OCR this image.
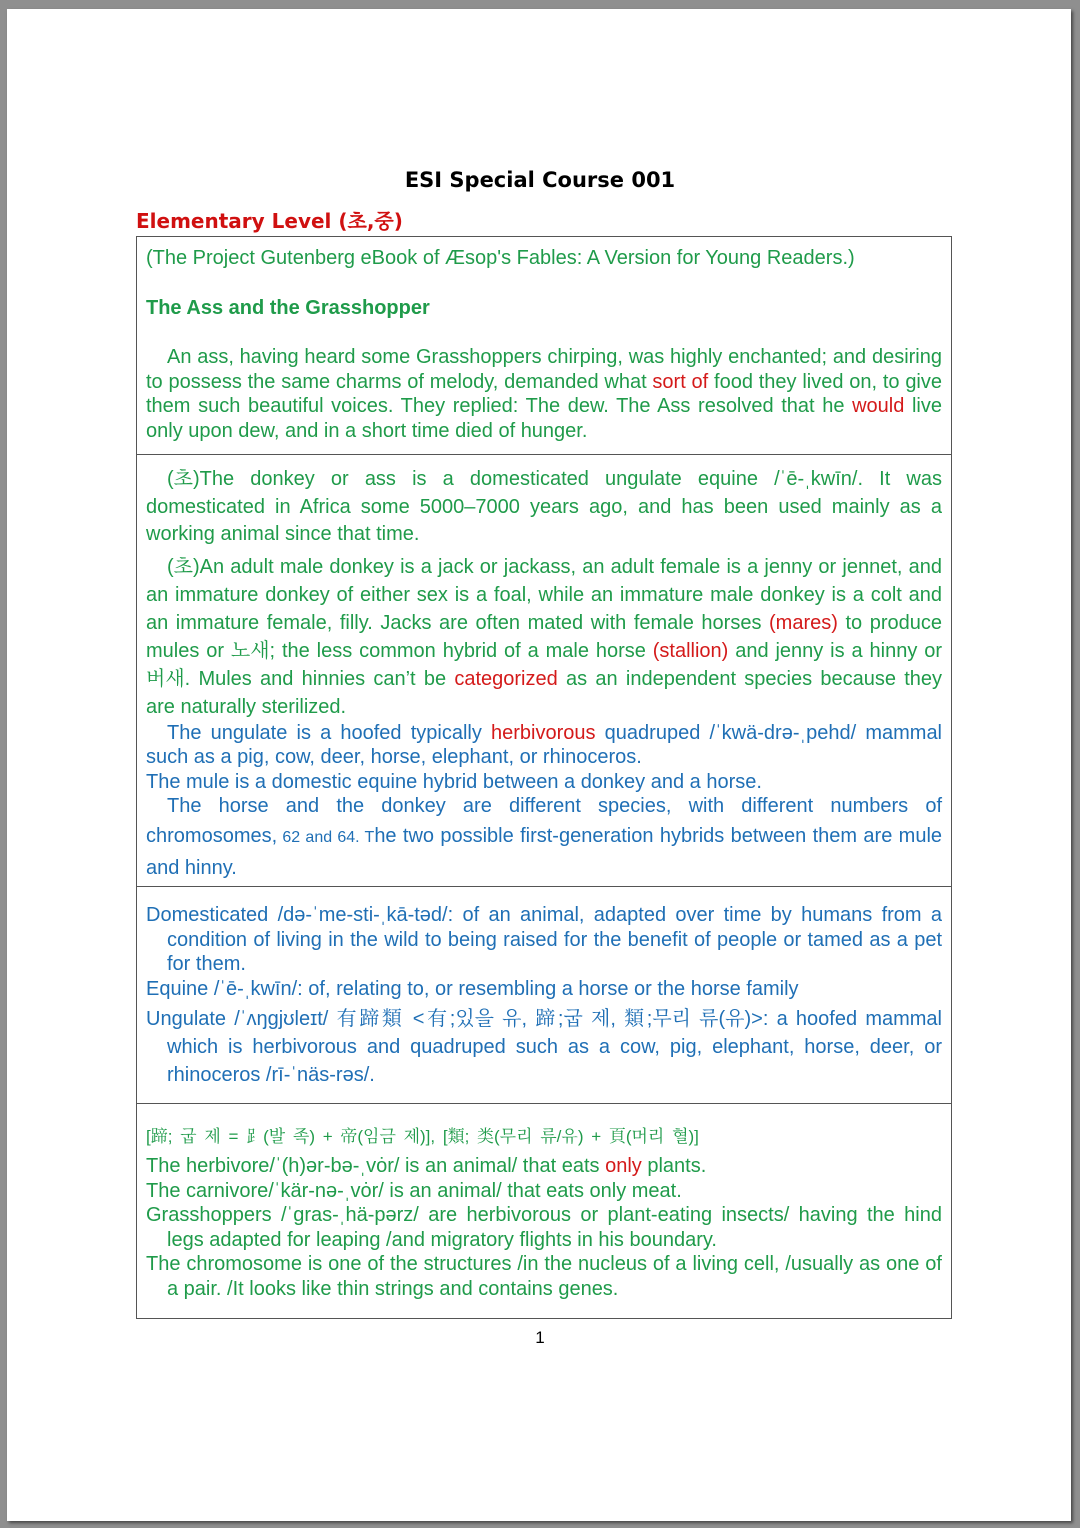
ESI Special Course 001
Elementary Level (초,중)

(The Project Gutenberg eBook of Æsop's Fables: A Version for Young Readers.)

The Ass and the Grasshopper

An ass, having heard some Grasshoppers chirping, was highly enchanted; and desiring to possess the same charms of melody, demanded what sort of food they lived on, to give them such beautiful voices. They replied: The dew. The Ass resolved that he would live only upon dew, and in a short time died of hunger.

(초)The donkey or ass is a domesticated ungulate equine /ˈē-ˌkwīn/. It was domesticated in Africa some 5000–7000 years ago, and has been used mainly as a working animal since that time.

(초)An adult male donkey is a jack or jackass, an adult female is a jenny or jennet, and an immature donkey of either sex is a foal, while an immature male donkey is a colt and an immature female, filly. Jacks are often mated with female horses (mares) to produce mules or 노새; the less common hybrid of a male horse (stallion) and jenny is a hinny or 버새. Mules and hinnies can’t be categorized as an independent species because they are naturally sterilized.

The ungulate is a hoofed typically herbivorous quadruped /ˈkwä-drə-ˌpehd/ mammal such as a pig, cow, deer, horse, elephant, or rhinoceros.

The mule is a domestic equine hybrid between a donkey and a horse.

The horse and the donkey are different species, with different numbers of chromosomes, 62 and 64. The two possible first-generation hybrids between them are mule and hinny.

Domesticated /də-ˈme-sti-ˌkā-təd/: of an animal, adapted over time by humans from a condition of living in the wild to being raised for the benefit of people or tamed as a pet for them.

Equine /ˈē-ˌkwīn/: of, relating to, or resembling a horse or the horse family

Ungulate /ˈʌŋɡjʊleɪt/ 有蹄類 <有;있을 유, 蹄;굽 제, 類;무리 류(유)>: a hoofed mammal which is herbivorous and quadruped such as a cow, pig, elephant, horse, deer, or rhinoceros /rī-ˈnäs-rəs/.

[蹄; 굽 제 = ⻊(발 족) + 帝(임금 제)], [類; 类(무리 류/유) + 頁(머리 혈)]

The herbivore/ˈ(h)ər-bə-ˌvȯr/ is an animal/ that eats only plants.

The carnivore/ˈkär-nə-ˌvȯr/ is an animal/ that eats only meat.

Grasshoppers /ˈgras-ˌhä-pərz/ are herbivorous or plant-eating insects/ having the hind legs adapted for leaping /and migratory flights in his boundary.

The chromosome is one of the structures /in the nucleus of a living cell, /usually as one of a pair. /It looks like thin strings and contains genes.

1
